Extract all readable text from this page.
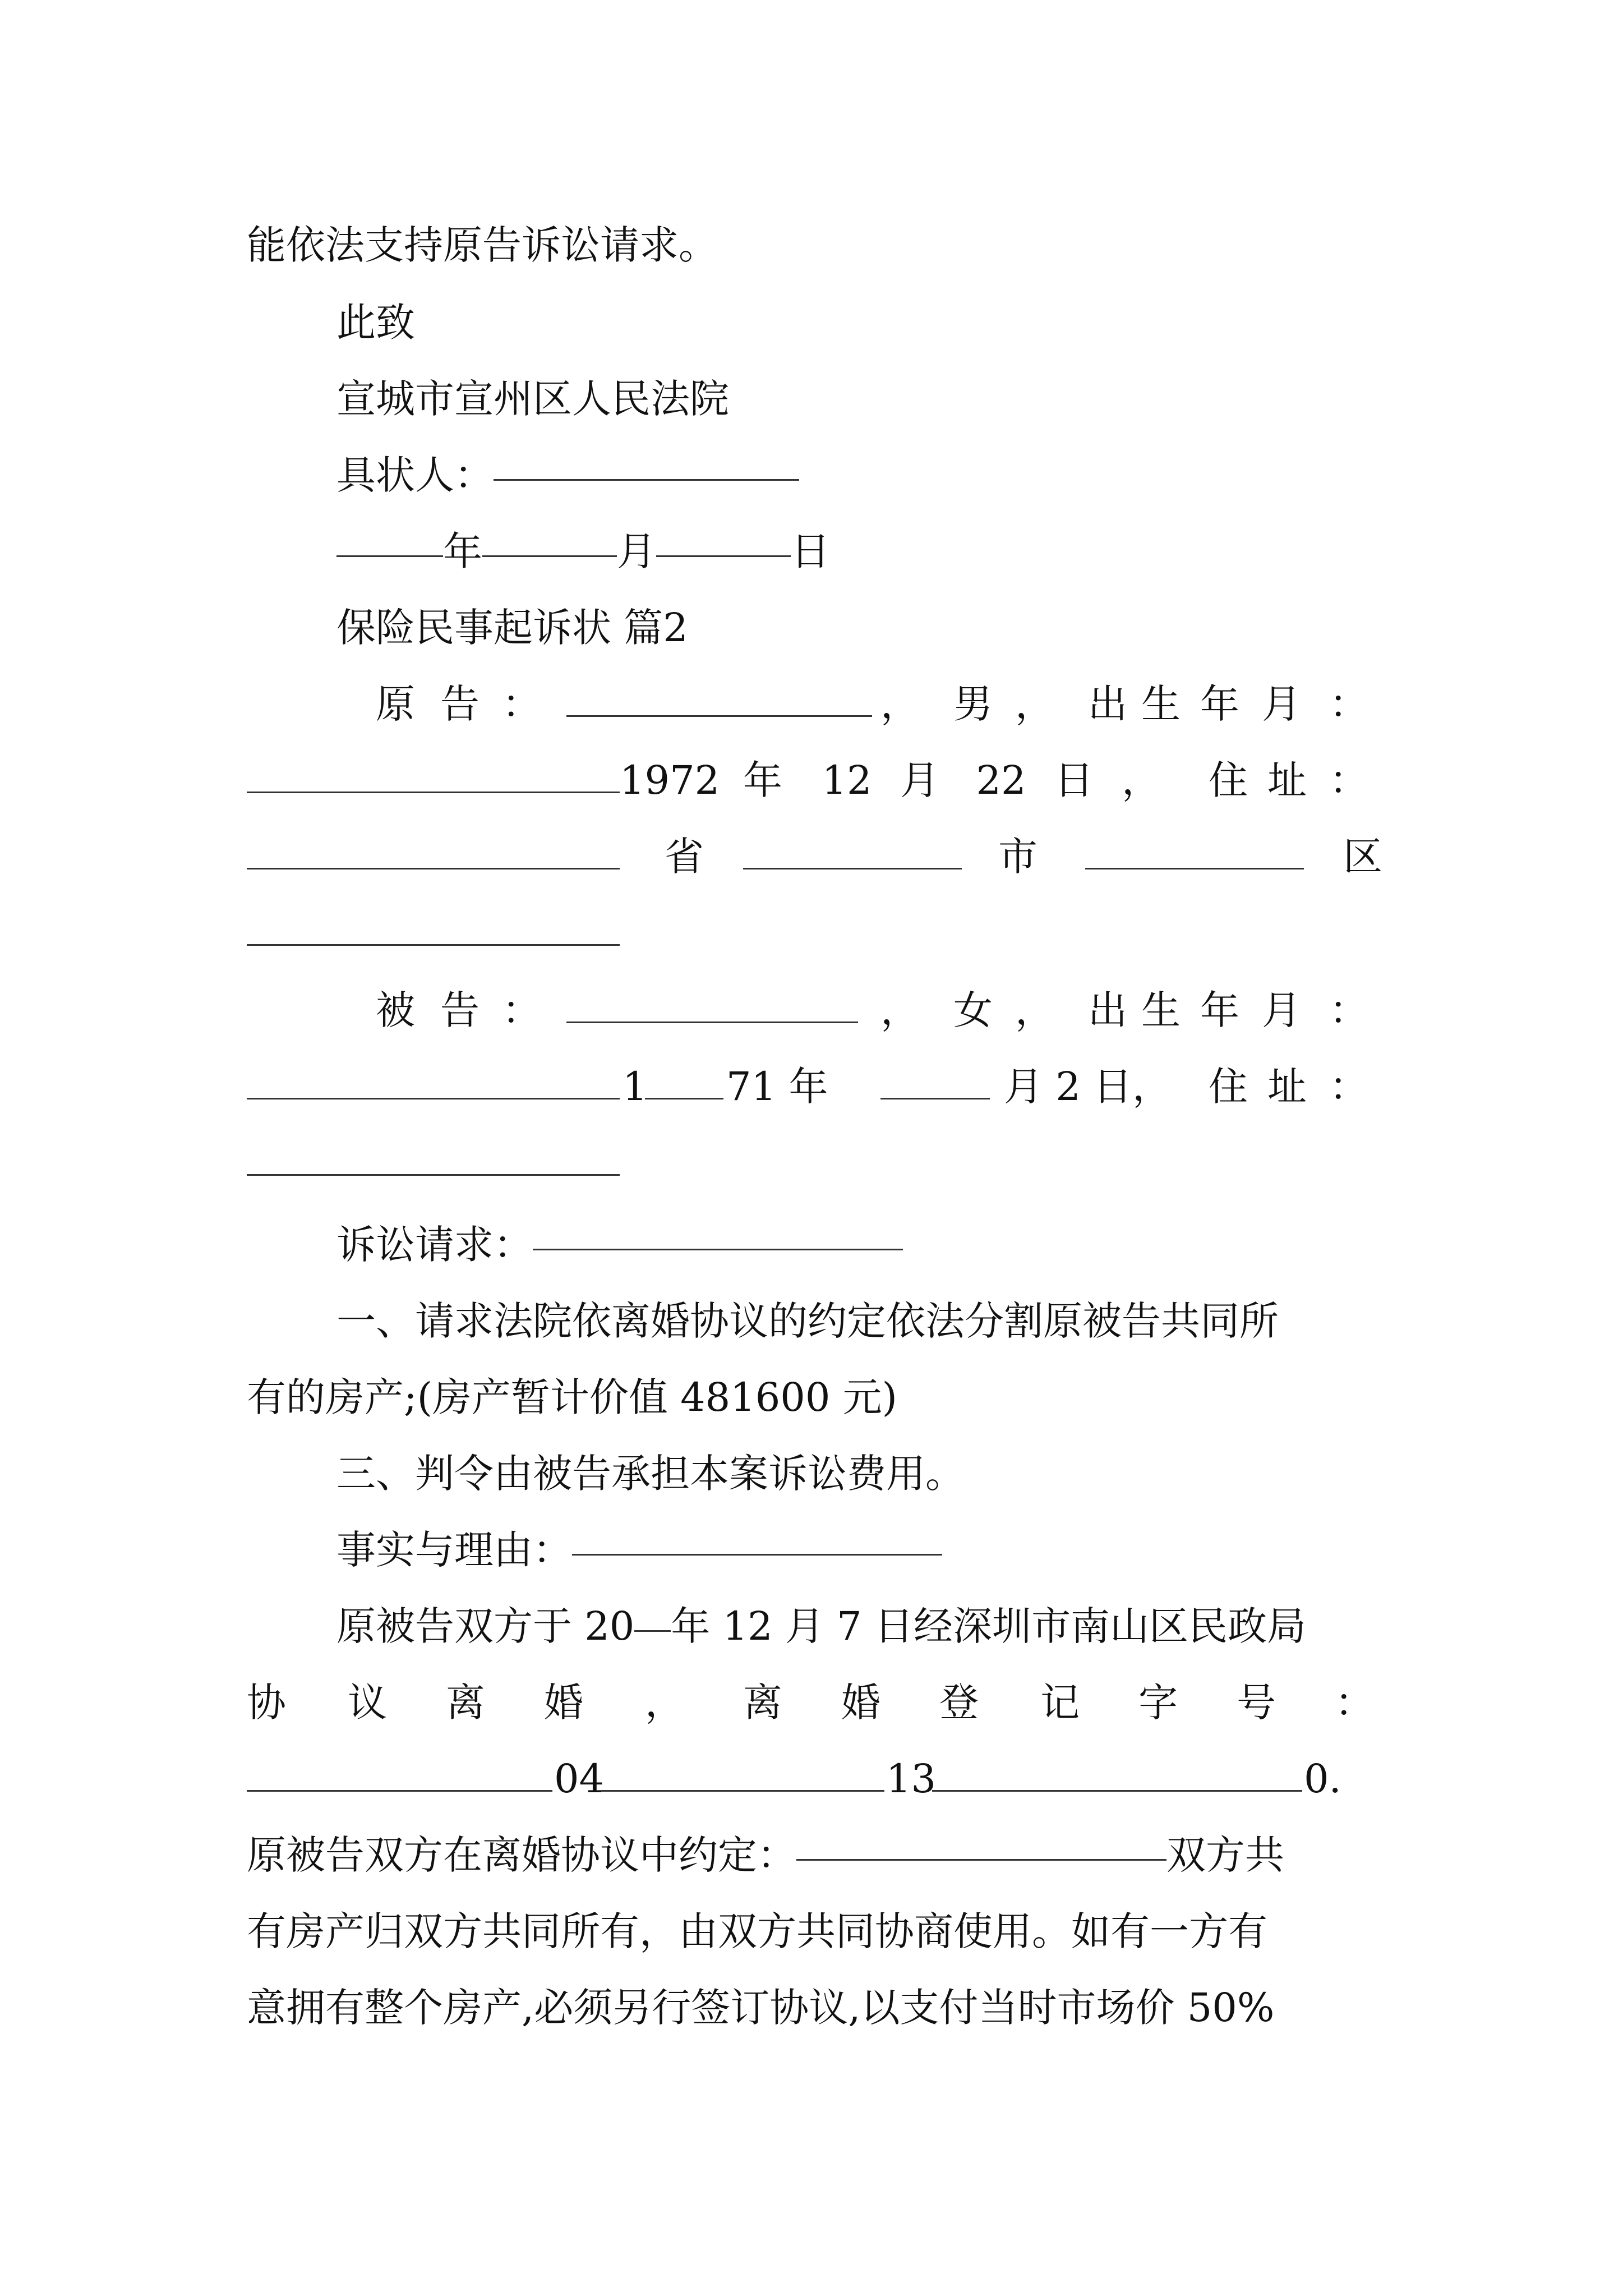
能依法支持原告诉讼请求。
此致
宣城市宣州区人民法院
具状人：
年	月	日
保险民事起诉状 篇2
原 告 ：	， 男 ， 出 生 年 月 ：
1972 年 12 月 22 日 ， 住 址 ：
省	市	区
被 告 ：	， 女 ， 出 生 年 月 ：
1 71 年	月 2 日， 住 址 ：
诉讼请求：
一、请求法院依离婚协议的约定依法分割原被告共同所
有的房产;(房产暂计价值 481600 元)
三、判令由被告承担本案诉讼费用。
事实与理由：
原被告双方于 20 年 12 月 7 日经深圳市南山区民政局
协 议 离 婚 ， 离 婚 登 记 字 号 ：
04	13	0.
原被告双方在离婚协议中约定：	双方共
有房产归双方共同所有，由双方共同协商使用。如有一方有
意拥有整个房产,必须另行签订协议,以支付当时市场价 50%
